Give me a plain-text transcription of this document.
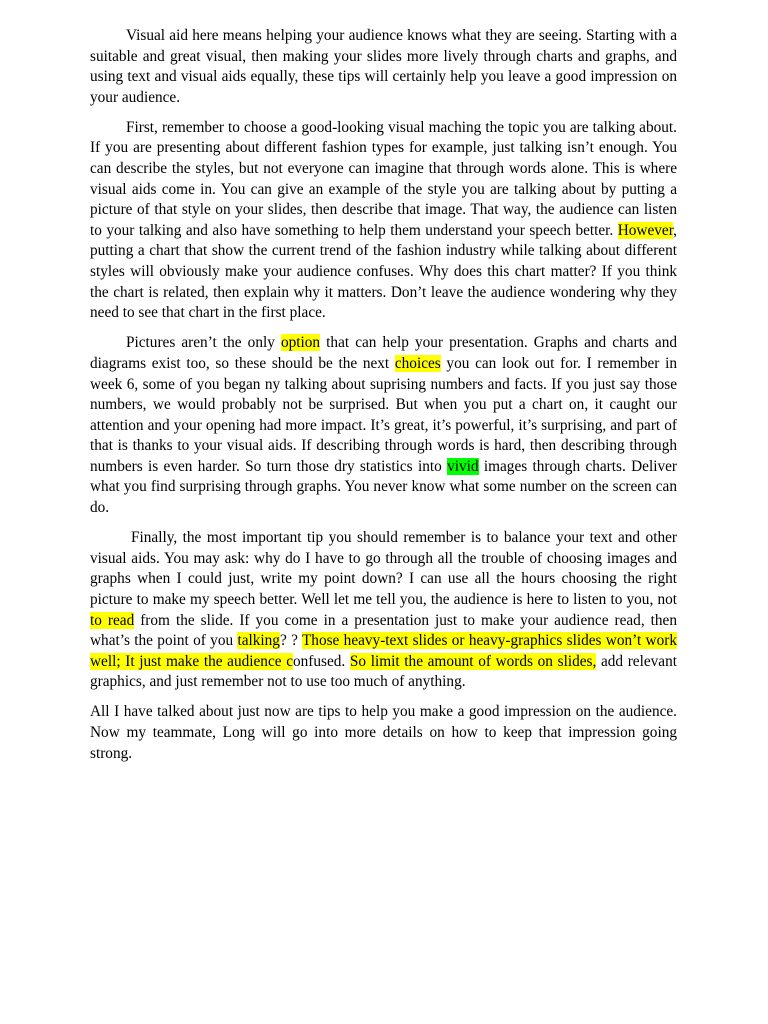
Visual aid here means helping your audience knows what they are seeing. Starting with a suitable and great visual, then making your slides more lively through charts and graphs, and using text and visual aids equally, these tips will certainly help you leave a good impression on your audience.

First, remember to choose a good-looking visual maching the topic you are talking about. If you are presenting about different fashion types for example, just talking isn’t enough. You can describe the styles, but not everyone can imagine that through words alone. This is where visual aids come in. You can give an example of the style you are talking about by putting a picture of that style on your slides, then describe that image. That way, the audience can listen to your talking and also have something to help them understand your speech better. However, putting a chart that show the current trend of the fashion industry while talking about different styles will obviously make your audience confuses. Why does this chart matter? If you think the chart is related, then explain why it matters. Don’t leave the audience wondering why they need to see that chart in the first place.

Pictures aren’t the only option that can help your presentation. Graphs and charts and diagrams exist too, so these should be the next choices you can look out for. I remember in week 6, some of you began ny talking about suprising numbers and facts. If you just say those numbers, we would probably not be surprised. But when you put a chart on, it caught our attention and your opening had more impact. It’s great, it’s powerful, it’s surprising, and part of that is thanks to your visual aids. If describing through words is hard, then describing through numbers is even harder. So turn those dry statistics into vivid images through charts. Deliver what you find surprising through graphs. You never know what some number on the screen can do.

Finally, the most important tip you should remember is to balance your text and other visual aids. You may ask: why do I have to go through all the trouble of choosing images and graphs when I could just, write my point down? I can use all the hours choosing the right picture to make my speech better. Well let me tell you, the audience is here to listen to you, not to read from the slide. If you come in a presentation just to make your audience read, then what’s the point of you talking? ? Those heavy-text slides or heavy-graphics slides won’t work well; It just make the audience confused. So limit the amount of words on slides, add relevant graphics, and just remember not to use too much of anything.

All I have talked about just now are tips to help you make a good impression on the audience. Now my teammate, Long will go into more details on how to keep that impression going strong.
